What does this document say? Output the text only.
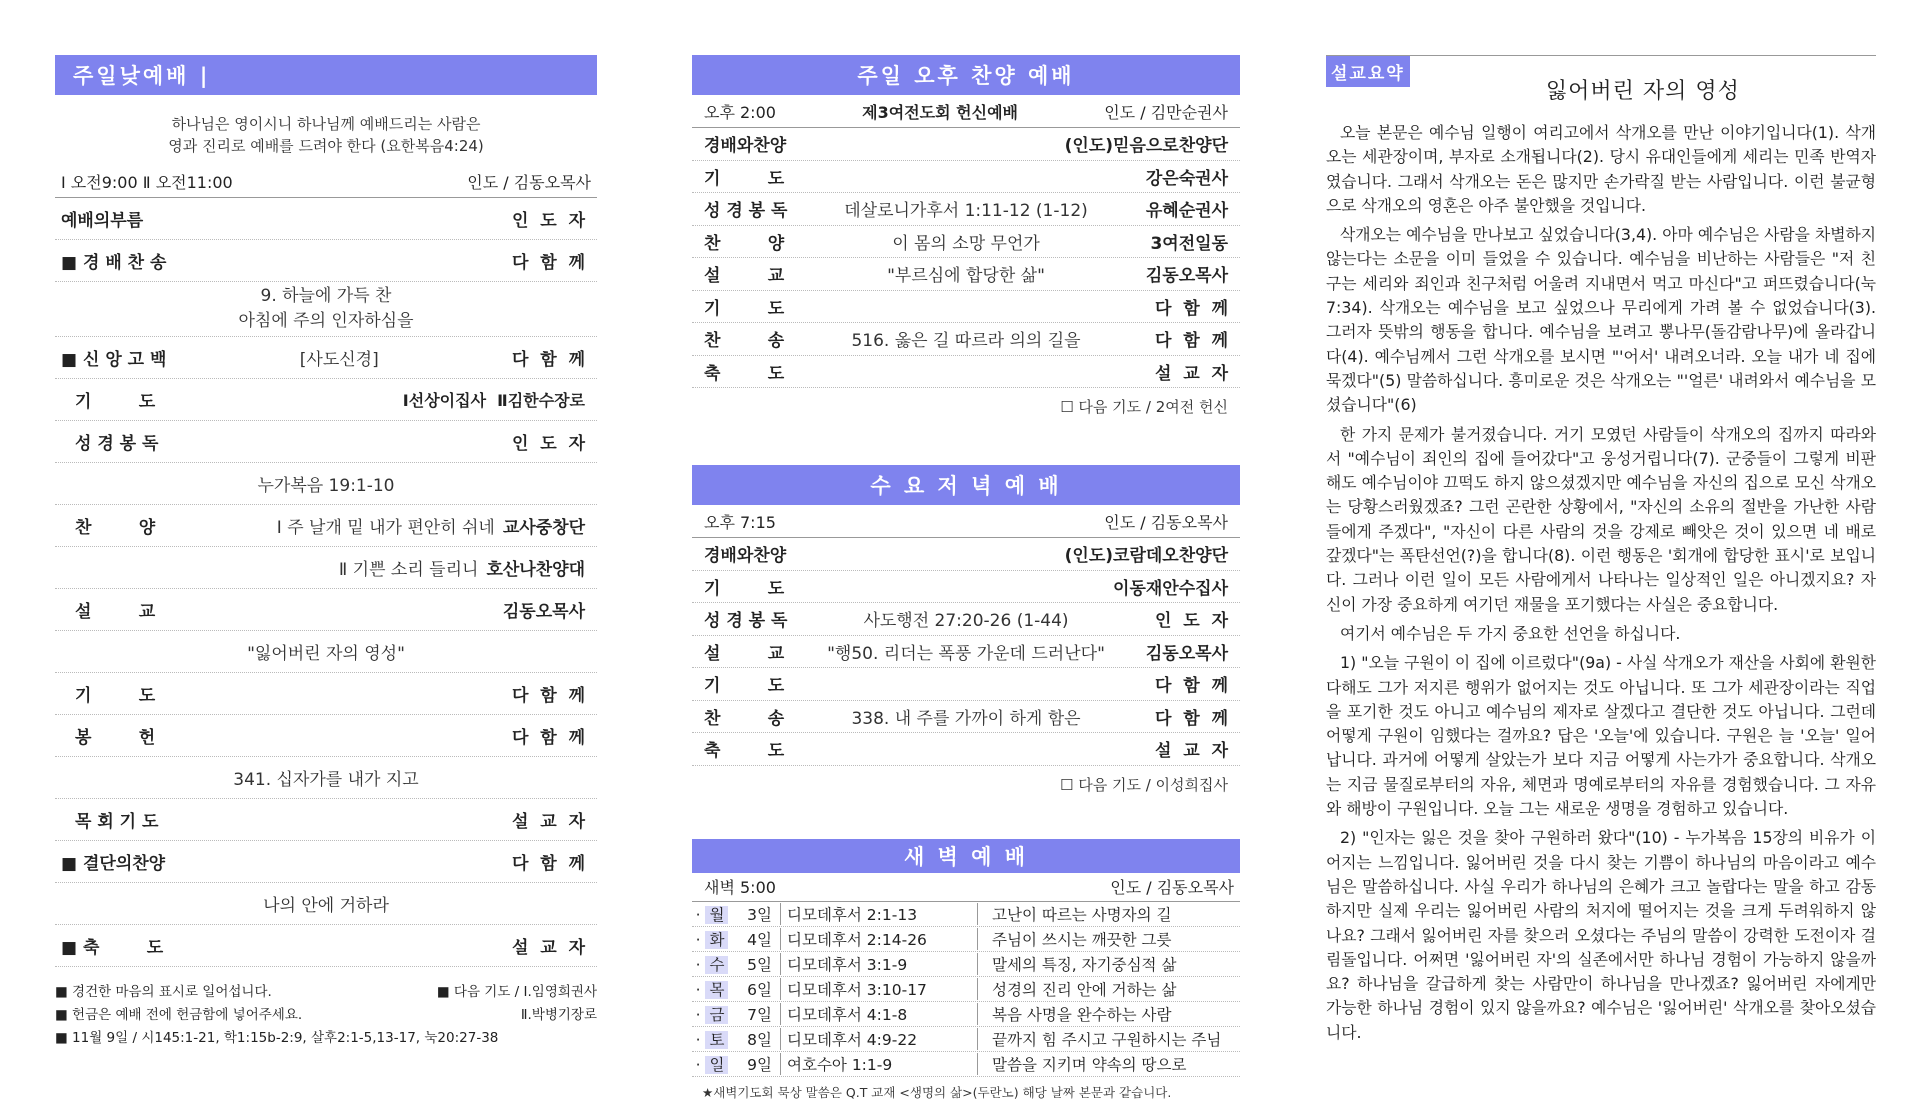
주일낮예배 |
하나님은 영이시니 하나님께 예배드리는 사람은
영과 진리로 예배를 드려야 한다 (요한복음4:24)
Ⅰ 오전9:00 Ⅱ 오전11:00	인도 / 김동오목사
예배의부름	인  도  자
■ 경 배 찬 송	다  함  께
9. 하늘에 가득 찬
아침에 주의 인자하심을
■ 신 앙 고 백	[사도신경]	다  함  께
기        도	Ⅰ선상이집사  Ⅱ김한수장로
성 경 봉 독	인  도  자
누가복음 19:1-10
찬        양	Ⅰ 주 날개 밑 내가 편안히 쉬네 교사중창단
Ⅱ 기쁜 소리 들리니 호산나찬양대
설        교	김동오목사
"잃어버린 자의 영성"
기        도	다  함  께
봉        헌	다  함  께
341. 십자가를 내가 지고
목 회 기 도	설  교  자
■ 결단의찬양	다  함  께
나의 안에 거하라
■ 축        도	설  교  자
■ 경건한 마음의 표시로 일어섭니다.	■ 다음 기도 / Ⅰ.임영희권사
■ 헌금은 예배 전에 헌금함에 넣어주세요.	Ⅱ.박병기장로
■ 11월 9일 / 시145:1-21, 학1:15b-2:9, 살후2:1-5,13-17, 눅20:27-38
주일 오후 찬양 예배
오후 2:00	제3여전도회 헌신예배	인도 / 김만순권사
경배와찬양	(인도)믿음으로찬양단
기        도	강은숙권사
성 경 봉 독	데살로니가후서 1:11-12 (1-12)	유혜순권사
찬        양	이 몸의 소망 무언가	3여전일동
설        교	"부르심에 합당한 삶"	김동오목사
기        도	다  함  께
찬        송	516. 옳은 길 따르라 의의 길을	다  함  께
축        도	설  교  자
☐ 다음 기도 / 2여전 헌신
수 요 저 녁 예 배
오후 7:15	인도 / 김동오목사
경배와찬양	(인도)코람데오찬양단
기        도	이동재안수집사
성 경 봉 독	사도행전 27:20-26 (1-44)	인  도  자
설        교	"행50. 리더는 폭풍 가운데 드러난다"	김동오목사
기        도	다  함  께
찬        송	338. 내 주를 가까이 하게 함은	다  함  께
축        도	설  교  자
☐ 다음 기도 / 이성희집사
새 벽 예 배
새벽 5:00	인도 / 김동오목사
· 월	3일 디모데후서 2:1-13	고난이 따르는 사명자의 길
· 화	4일 디모데후서 2:14-26	주님이 쓰시는 깨끗한 그릇
· 수	5일 디모데후서 3:1-9	말세의 특징, 자기중심적 삶
· 목	6일 디모데후서 3:10-17	성경의 진리 안에 거하는 삶
· 금	7일 디모데후서 4:1-8	복음 사명을 완수하는 사람
· 토	8일 디모데후서 4:9-22	끝까지 힘 주시고 구원하시는 주님
· 일	9일 여호수아 1:1-9	말씀을 지키며 약속의 땅으로
★새벽기도회 묵상 말씀은 Q.T 교재 <생명의 삶>(두란노) 해당 날짜 본문과 같습니다.
설교요약
잃어버린 자의 영성

오늘 본문은 예수님 일행이 여리고에서 삭개오를 만난 이야기입니다(1). 삭개오는 세관장이며, 부자로 소개됩니다(2). 당시 유대인들에게 세리는 민족 반역자였습니다. 그래서 삭개오는 돈은 많지만 손가락질 받는 사람입니다. 이런 불균형으로 삭개오의 영혼은 아주 불안했을 것입니다.

삭개오는 예수님을 만나보고 싶었습니다(3,4). 아마 예수님은 사람을 차별하지 않는다는 소문을 이미 들었을 수 있습니다. 예수님을 비난하는 사람들은 "저 친구는 세리와 죄인과 친구처럼 어울려 지내면서 먹고 마신다"고 퍼뜨렸습니다(눅7:34). 삭개오는 예수님을 보고 싶었으나 무리에게 가려 볼 수 없었습니다(3). 그러자 뜻밖의 행동을 합니다. 예수님을 보려고 뽕나무(돌감람나무)에 올라갑니다(4). 예수님께서 그런 삭개오를 보시면 "'어서' 내려오너라. 오늘 내가 네 집에 묵겠다"(5) 말씀하십니다. 흥미로운 것은 삭개오는 "'얼른' 내려와서 예수님을 모셨습니다"(6)

한 가지 문제가 불거졌습니다. 거기 모였던 사람들이 삭개오의 집까지 따라와서 "예수님이 죄인의 집에 들어갔다"고 웅성거립니다(7). 군중들이 그렇게 비판해도 예수님이야 끄떡도 하지 않으셨겠지만 예수님을 자신의 집으로 모신 삭개오는 당황스러웠겠죠? 그런 곤란한 상황에서, "자신의 소유의 절반을 가난한 사람들에게 주겠다", "자신이 다른 사람의 것을 강제로 빼앗은 것이 있으면 네 배로 갚겠다"는 폭탄선언(?)을 합니다(8). 이런 행동은 '회개에 합당한 표시'로 보입니다. 그러나 이런 일이 모든 사람에게서 나타나는 일상적인 일은 아니겠지요? 자신이 가장 중요하게 여기던 재물을 포기했다는 사실은 중요합니다.

여기서 예수님은 두 가지 중요한 선언을 하십니다.

1) "오늘 구원이 이 집에 이르렀다"(9a) - 사실 삭개오가 재산을 사회에 환원한다해도 그가 저지른 행위가 없어지는 것도 아닙니다. 또 그가 세관장이라는 직업을 포기한 것도 아니고 예수님의 제자로 살겠다고 결단한 것도 아닙니다. 그런데 어떻게 구원이 임했다는 걸까요? 답은 '오늘'에 있습니다. 구원은 늘 '오늘' 일어납니다. 과거에 어떻게 살았는가 보다 지금 어떻게 사는가가 중요합니다. 삭개오는 지금 물질로부터의 자유, 체면과 명예로부터의 자유를 경험했습니다. 그 자유와 해방이 구원입니다. 오늘 그는 새로운 생명을 경험하고 있습니다.

2) "인자는 잃은 것을 찾아 구원하러 왔다"(10) - 누가복음 15장의 비유가 이어지는 느낌입니다. 잃어버린 것을 다시 찾는 기쁨이 하나님의 마음이라고 예수님은 말씀하십니다. 사실 우리가 하나님의 은혜가 크고 놀랍다는 말을 하고 감동하지만 실제 우리는 잃어버린 사람의 처지에 떨어지는 것을 크게 두려워하지 않나요? 그래서 잃어버린 자를 찾으러 오셨다는 주님의 말씀이 강력한 도전이자 걸림돌입니다. 어쩌면 '잃어버린 자'의 실존에서만 하나님 경험이 가능하지 않을까요? 하나님을 갈급하게 찾는 사람만이 하나님을 만나겠죠? 잃어버린 자에게만 가능한 하나님 경험이 있지 않을까요? 예수님은 '잃어버린' 삭개오를 찾아오셨습니다.
